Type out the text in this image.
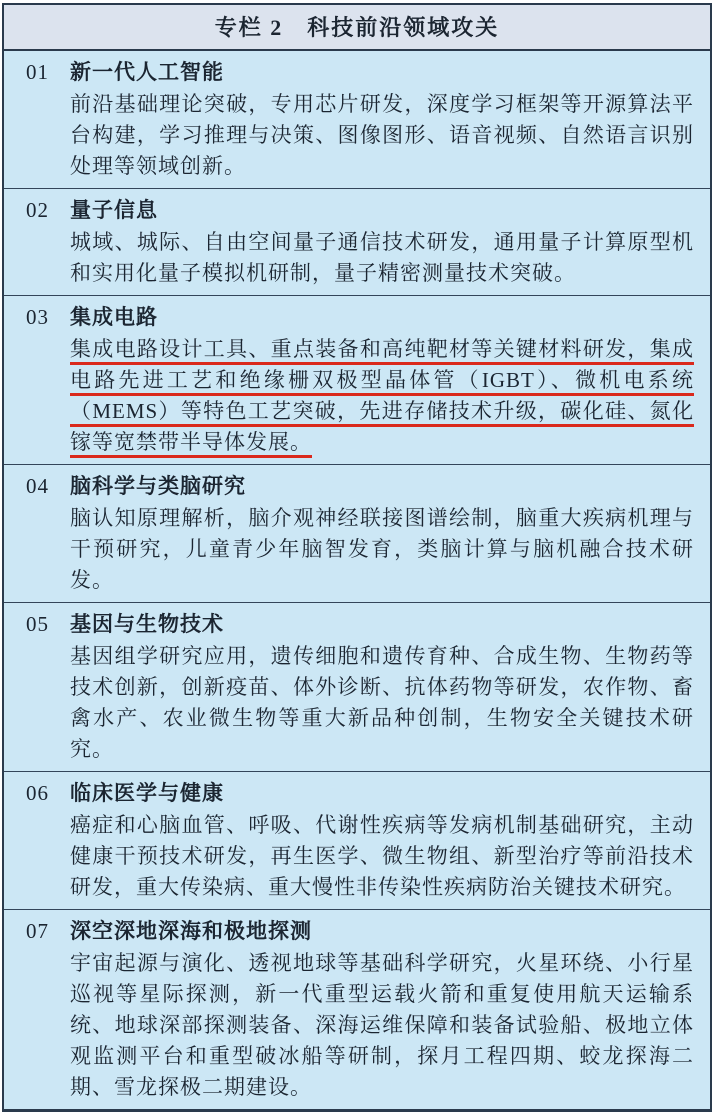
专栏 2　科技前沿领域攻关
01 新一代人工智能

前沿基础理论突破，专用芯片研发，深度学习框架等开源算法平台构建，学习推理与决策、图像图形、语音视频、自然语言识别处理等领域创新。

02 量子信息

城域、城际、自由空间量子通信技术研发，通用量子计算原型机和实用化量子模拟机研制，量子精密测量技术突破。

03 集成电路

集成电路设计工具、重点装备和高纯靶材等关键材料研发，集成电路先进工艺和绝缘栅双极型晶体管（IGBT）、微机电系统（MEMS）等特色工艺突破，先进存储技术升级，碳化硅、氮化镓等宽禁带半导体发展。

04 脑科学与类脑研究

脑认知原理解析，脑介观神经联接图谱绘制，脑重大疾病机理与干预研究，儿童青少年脑智发育，类脑计算与脑机融合技术研发。

05 基因与生物技术

基因组学研究应用，遗传细胞和遗传育种、合成生物、生物药等技术创新，创新疫苗、体外诊断、抗体药物等研发，农作物、畜禽水产、农业微生物等重大新品种创制，生物安全关键技术研究。

06 临床医学与健康

癌症和心脑血管、呼吸、代谢性疾病等发病机制基础研究，主动健康干预技术研发，再生医学、微生物组、新型治疗等前沿技术研发，重大传染病、重大慢性非传染性疾病防治关键技术研究。

07 深空深地深海和极地探测

宇宙起源与演化、透视地球等基础科学研究，火星环绕、小行星巡视等星际探测，新一代重型运载火箭和重复使用航天运输系统、地球深部探测装备、深海运维保障和装备试验船、极地立体观监测平台和重型破冰船等研制，探月工程四期、蛟龙探海二期、雪龙探极二期建设。
